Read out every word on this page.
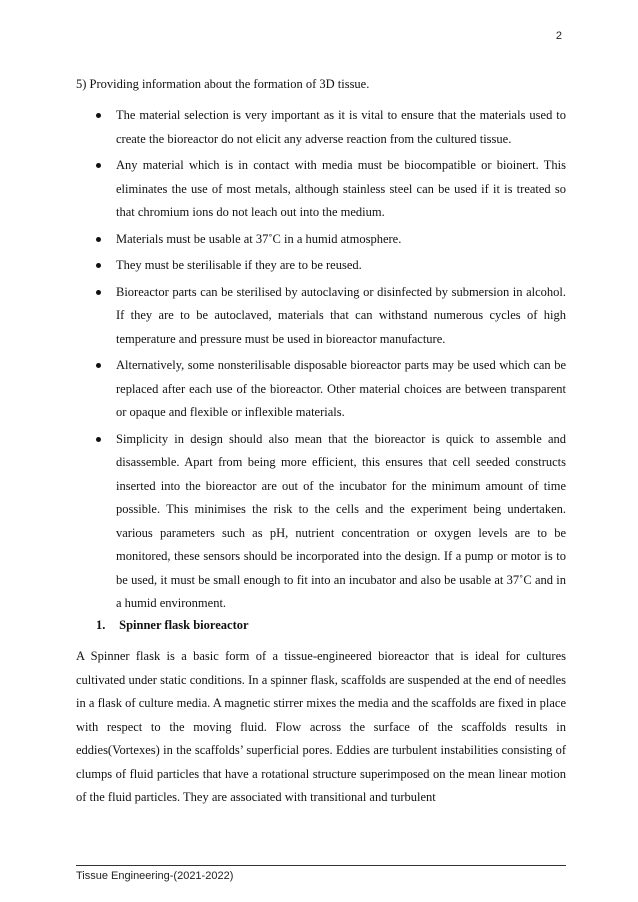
2

5) Providing information about the formation of 3D tissue.

The material selection is very important as it is vital to ensure that the materials used to create the bioreactor do not elicit any adverse reaction from the cultured tissue.
Any material which is in contact with media must be biocompatible or bioinert. This eliminates the use of most metals, although stainless steel can be used if it is treated so that chromium ions do not leach out into the medium.
Materials must be usable at 37˚C in a humid atmosphere.
They must be sterilisable if they are to be reused.
Bioreactor parts can be sterilised by autoclaving or disinfected by submersion in alcohol. If they are to be autoclaved, materials that can withstand numerous cycles of high temperature and pressure must be used in bioreactor manufacture.
Alternatively, some nonsterilisable disposable bioreactor parts may be used which can be replaced after each use of the bioreactor. Other material choices are between transparent or opaque and flexible or inflexible materials.
Simplicity in design should also mean that the bioreactor is quick to assemble and disassemble. Apart from being more efficient, this ensures that cell seeded constructs inserted into the bioreactor are out of the incubator for the minimum amount of time possible. This minimises the risk to the cells and the experiment being undertaken. various parameters such as pH, nutrient concentration or oxygen levels are to be monitored, these sensors should be incorporated into the design. If a pump or motor is to be used, it must be small enough to fit into an incubator and also be usable at 37˚C and in a humid environment.
1. Spinner flask bioreactor

A Spinner flask is a basic form of a tissue-engineered bioreactor that is ideal for cultures cultivated under static conditions. In a spinner flask, scaffolds are suspended at the end of needles in a flask of culture media. A magnetic stirrer mixes the media and the scaffolds are fixed in place with respect to the moving fluid. Flow across the surface of the scaffolds results in eddies(Vortexes) in the scaffolds’ superficial pores. Eddies are turbulent instabilities consisting of clumps of fluid particles that have a rotational structure superimposed on the mean linear motion of the fluid particles. They are associated with transitional and turbulent

Tissue Engineering-(2021-2022)
